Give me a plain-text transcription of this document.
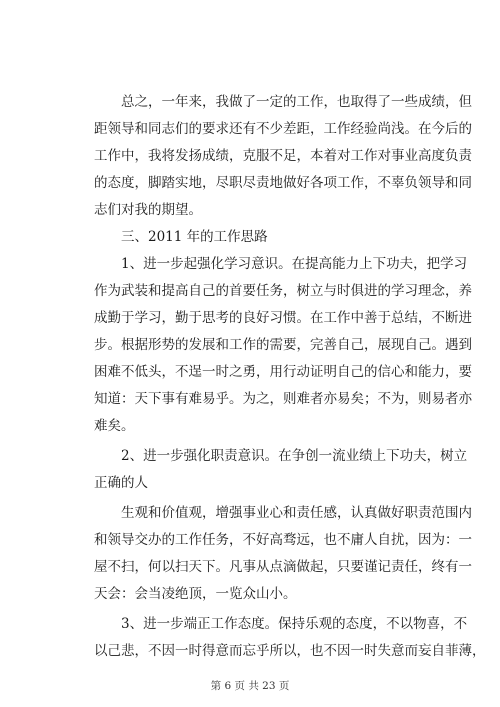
总之，一年来，我做了一定的工作，也取得了一些成绩，但
距领导和同志们的要求还有不少差距，工作经验尚浅。在今后的
工作中，我将发扬成绩，克服不足，本着对工作对事业高度负责
的态度，脚踏实地，尽职尽责地做好各项工作，不辜负领导和同
志们对我的期望。

三、2011 年的工作思路

1、进一步起强化学习意识。在提高能力上下功夫，把学习
作为武装和提高自己的首要任务，树立与时俱进的学习理念，养
成勤于学习，勤于思考的良好习惯。在工作中善于总结，不断进
步。根据形势的发展和工作的需要，完善自己，展现自己。遇到
困难不低头，不逞一时之勇，用行动证明自己的信心和能力，要
知道：天下事有难易乎。为之，则难者亦易矣；不为，则易者亦
难矣。

2、进一步强化职责意识。在争创一流业绩上下功夫，树立
正确的人

生观和价值观，增强事业心和责任感，认真做好职责范围内
和领导交办的工作任务，不好高骛远，也不庸人自扰，因为：一
屋不扫，何以扫天下。凡事从点滴做起，只要谨记责任，终有一
天会：会当凌绝顶，一览众山小。

3、进一步端正工作态度。保持乐观的态度，不以物喜，不
以己悲，不因一时得意而忘乎所以，也不因一时失意而妄自菲薄，

第 6 页 共 23 页
